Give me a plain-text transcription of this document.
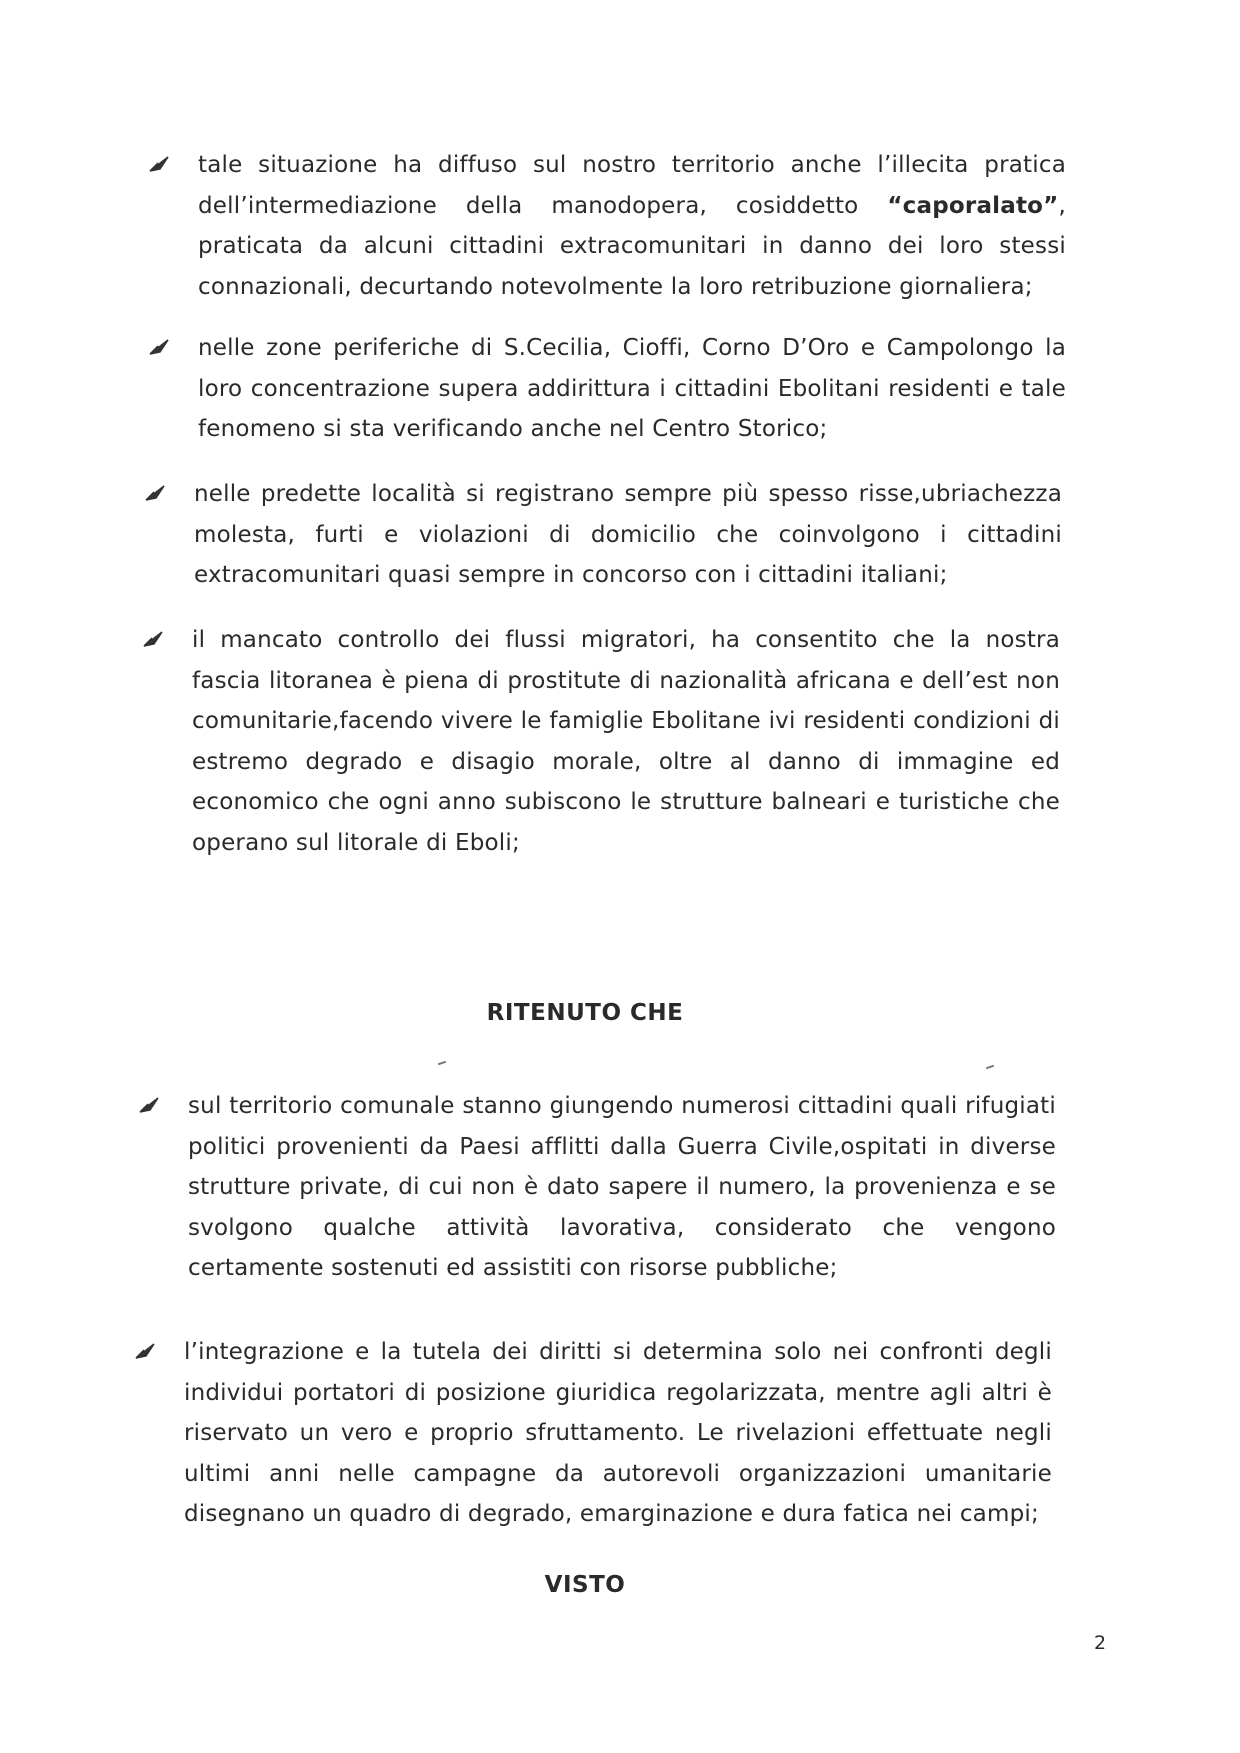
tale situazione ha diffuso sul nostro territorio anche l’illecita pratica dell’intermediazione della manodopera, cosiddetto “caporalato”, praticata da alcuni cittadini extracomunitari in danno dei loro stessi connazionali, decurtando notevolmente la loro retribuzione giornaliera;
nelle zone periferiche di S.Cecilia, Cioffi, Corno D’Oro e Campolongo la loro concentrazione supera addirittura i cittadini Ebolitani residenti e tale fenomeno si sta verificando anche nel Centro Storico;
nelle predette località si registrano sempre più spesso risse,ubriachezza molesta, furti e violazioni di domicilio che coinvolgono i cittadini extracomunitari quasi sempre in concorso con i cittadini italiani;
il mancato controllo dei flussi migratori, ha consentito che la nostra fascia litoranea è piena di prostitute di nazionalità africana e dell’est non comunitarie,facendo vivere le famiglie Ebolitane ivi residenti condizioni di estremo degrado e disagio morale, oltre al danno di immagine ed economico che ogni anno subiscono le strutture balneari e turistiche che operano sul litorale di Eboli;
RITENUTO CHE
sul territorio comunale stanno giungendo numerosi cittadini quali rifugiati politici provenienti da Paesi afflitti dalla Guerra Civile,ospitati in diverse strutture private, di cui non è dato sapere il numero, la provenienza e se svolgono qualche attività lavorativa, considerato che vengono certamente sostenuti ed assistiti con risorse pubbliche;
l’integrazione e la tutela dei diritti si determina solo nei confronti degli individui portatori di posizione giuridica regolarizzata, mentre agli altri è riservato un vero e proprio sfruttamento. Le rivelazioni effettuate negli ultimi anni nelle campagne da autorevoli organizzazioni umanitarie disegnano un quadro di degrado, emarginazione e dura fatica nei campi;
VISTO
2
